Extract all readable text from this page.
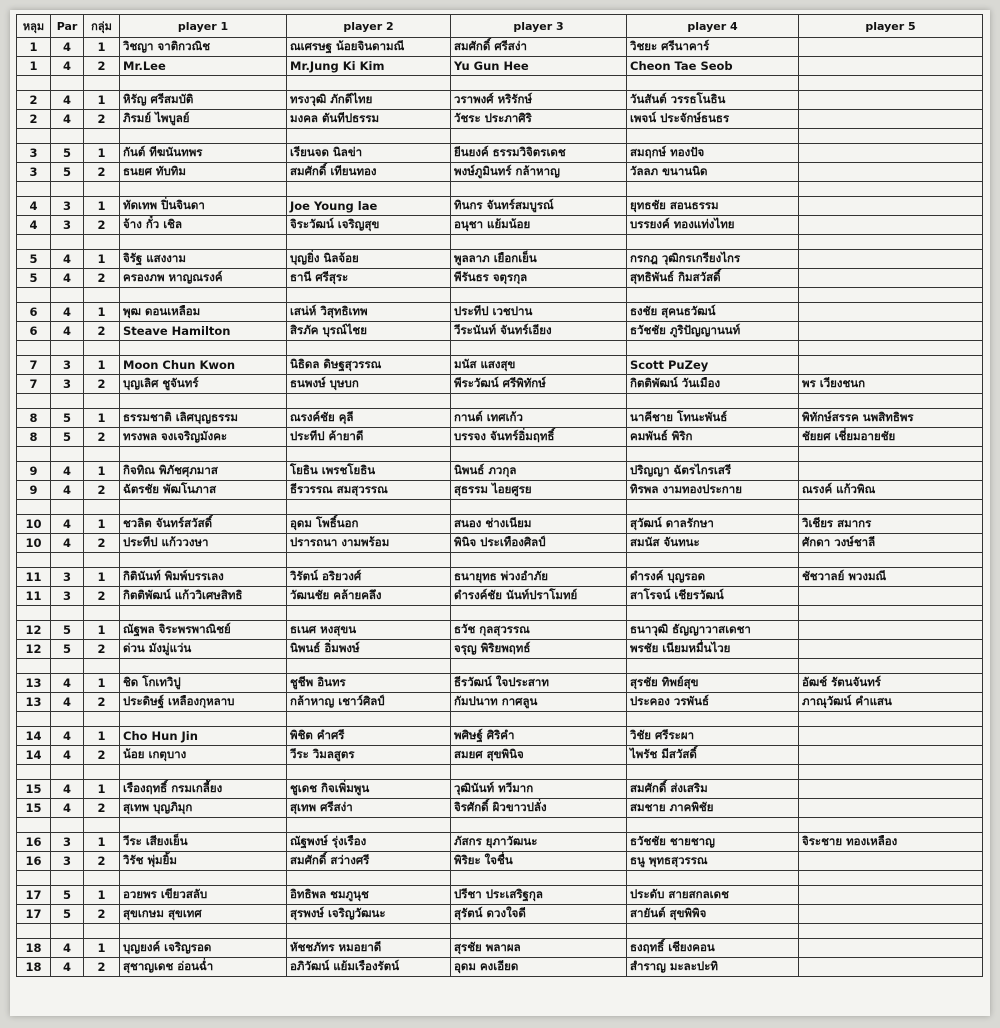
หลุม	Par	กลุ่ม	player 1	player 2	player 3	player 4	player 5
1	4	1	วิชญา จาติกวณิช	ณเศรษฐ น้อยจินดามณี	สมศักดิ์ ศรีสง่า	วิชยะ ศรีนาคาร์	
1	4	2	Mr.Lee	Mr.Jung Ki Kim	Yu Gun Hee	Cheon Tae Seob	

2	4	1	หิรัญ ศรีสมบัติ	ทรงวุฒิ ภักดีไทย	วราพงศ์ หริรักษ์	วันสันต์ วรรธโนธิน	
2	4	2	ภิรมย์ ไพบูลย์	มงคล ตันทีปธรรม	วัชระ ประภาศิริ	เพจน์ ประจักษ์ธนธร	

3	5	1	กันต์ ทีฆนันทพร	เรียนจด นิลข่า	ยีนยงค์ ธรรมวิจิตรเดช	สมฤกษ์ ทองปัจ	
3	5	2	ธนยศ ทับทิม	สมศักดิ์ เทียนทอง	พงษ์ภูมินทร์ กล้าหาญ	วัลลภ ขนานนิด	

4	3	1	ทัดเทพ ปิ่นจินดา	Joe Young lae	ทินกร จันทร์สมบูรณ์	ยุทธชัย สอนธรรม	
4	3	2	จ้าง กั๋ว เชิล	จิระวัฒน์ เจริญสุข	อนุชา แย้มน้อย	บรรยงค์ ทองแท่งไทย	

5	4	1	จิรัฐ แสงงาม	บุญยิ่ง นิลจ้อย	พูลลาภ เยือกเย็น	กรกฎ วุฒิกรเกรียงไกร	
5	4	2	ครองภพ หาญณรงค์	ธานี ศรีสุระ	พีรันธร จตุรกุล	สุทธิพันธ์ กิมสวัสดิ์	

6	4	1	พุฒ ดอนเหลือม	เสน่ห์ วิสุทธิเทพ	ประทีป เวชปาน	ธงชัย สุคนธวัฒน์	
6	4	2	Steave Hamilton	สิรภัค บุรณ์ไชย	วีระนันท์ จันทร์เอียง	ธวัชชัย ภูริปัญญานนท์	

7	3	1	Moon Chun Kwon	นิธิดล ดิษฐสุวรรณ	มนัส แสงสุข	Scott PuZey	
7	3	2	บุญเลิศ ชูจันทร์	ธนพงษ์ บุษบก	พีระวัฒน์ ศรีพิทักษ์	กิตติพัฒน์ วันเมือง	พร เวียงชนก

8	5	1	ธรรมชาติ เลิศบุญธรรม	ณรงค์ชัย คุลี	กานต์ เทศเก้ว	นาคีชาย โทนะพันธ์	พิทักษ์สรรค นพสิทธิพร
8	5	2	ทรงพล จงเจริญมังคะ	ประทีป ค้ายาดี	บรรจง จันทร์อิ่มฤทธิ์	คมพันธ์ พิริก	ชัยยศ เชี่ยมอายชัย

9	4	1	กิจทิณ พิภัชศุภมาส	โยธิน เพรชโยธิน	นิพนธ์ ภวกุล	ปริญญา ฉัตรไกรเสรี	
9	4	2	ฉัตรชัย พัฒโนภาส	ธีรวรรณ สมสุวรรณ	สุธรรม ไอยศูรย	ทิรพล งามทองประกาย	ณรงค์ แก้วพิณ

10	4	1	ชวลิต จันทร์สวัสดิ์	อุดม โพธิ์นอก	สนอง ช่างเนียม	สุวัฒน์ ดาลรักษา	วิเชียร สมากร
10	4	2	ประทีป แก้ววงษา	ปรารถนา งามพร้อม	พินิจ ประเทืองศิลป์	สมนัส จันทนะ	ศักดา วงษ์ชาลี

11	3	1	กิตินันท์ พิมพ์บรรเลง	วิรัตน์ อริยวงศ์	ธนายุทธ พ่วงอำภัย	ดำรงค์ บุญรอด	ชัชวาลย์ พวงมณี
11	3	2	กิตติพัฒน์ แก้ววิเศษสิทธิ	วัฒนชัย คล้ายคลึง	ดำรงค์ชัย นันท์ปราโมทย์	สาโรจน์ เชียรวัฒน์	

12	5	1	ณัฐพล จิระพรพาณิชย์	ธเนศ หงสุขน	ธวัช กุลสุวรรณ	ธนาวุฒิ ธัญญาวาสเดชา	
12	5	2	ด่วน มังมู่แว่น	นิพนธ์ อิ่มพงษ์	จรุญ พิริยพฤทธ์	พรชัย เนียมหมื่นไวย	

13	4	1	ชิด โกเทวิปู	ชูชีพ อินทร	ธีรวัฒน์ ใจประสาท	สุรชัย ทิพย์สุข	อัฒช์ รัตนจันทร์
13	4	2	ประดิษฐ์ เหลืองกุหลาบ	กล้าหาญ เชาว์ศิลป์	กัมปนาท กาศลูน	ประคอง วรพันธ์	ภาณุวัฒน์ คำแสน

14	4	1	Cho Hun Jin	พิชิต คำศรี	พศิษฐ์ ศิริคำ	วิชัย ศรีระผา	
14	4	2	น้อย เกตุบาง	วีระ วิมลสูตร	สมยศ สุขพินิจ	ไพรัช มีสวัสดิ์	

15	4	1	เรืองฤทธิ์ กรมเกลี้ยง	ชูเดช กิจเพิ่มพูน	วุฒินันท์ ทวีมาก	สมศักดิ์ ส่งเสริม	
15	4	2	สุเทพ บุญภิมุก	สุเทพ ศรีสง่า	จิรศักดิ์ ผิวขาวปลั่ง	สมชาย ภาคพิชัย	

16	3	1	วีระ เสียงเย็น	ณัฐพงษ์ รุ่งเรือง	ภัสกร ยุภาวัฒนะ	ธวัชชัย ชายชาญ	จิระชาย ทองเหลือง
16	3	2	วิรัช พุ่มยิ้ม	สมศักดิ์ สว่างศรี	พิริยะ ใจชื่น	ธนู พุทธสุวรรณ	

17	5	1	อวยพร เขียวสลับ	อิทธิพล ชมภูนุช	ปรีชา ประเสริฐกุล	ประดับ สายสกลเดช	
17	5	2	สุขเกษม สุขเทศ	สุรพงษ์ เจริญวัฒนะ	สุรัตน์ ดวงใจดี	สายันต์ สุขพิพิจ	

18	4	1	บุญยงค์ เจริญรอด	หัชชภัทร หมอยาดี	สุรชัย พลาผล	ธงฤทธิ์ เชียงคอน	
18	4	2	สุชาญเดช อ่อนฉ่ำ	อภิวัฒน์ แย้มเรืองรัตน์	อุดม คงเอียด	สำราญ มะละปะทิ	
